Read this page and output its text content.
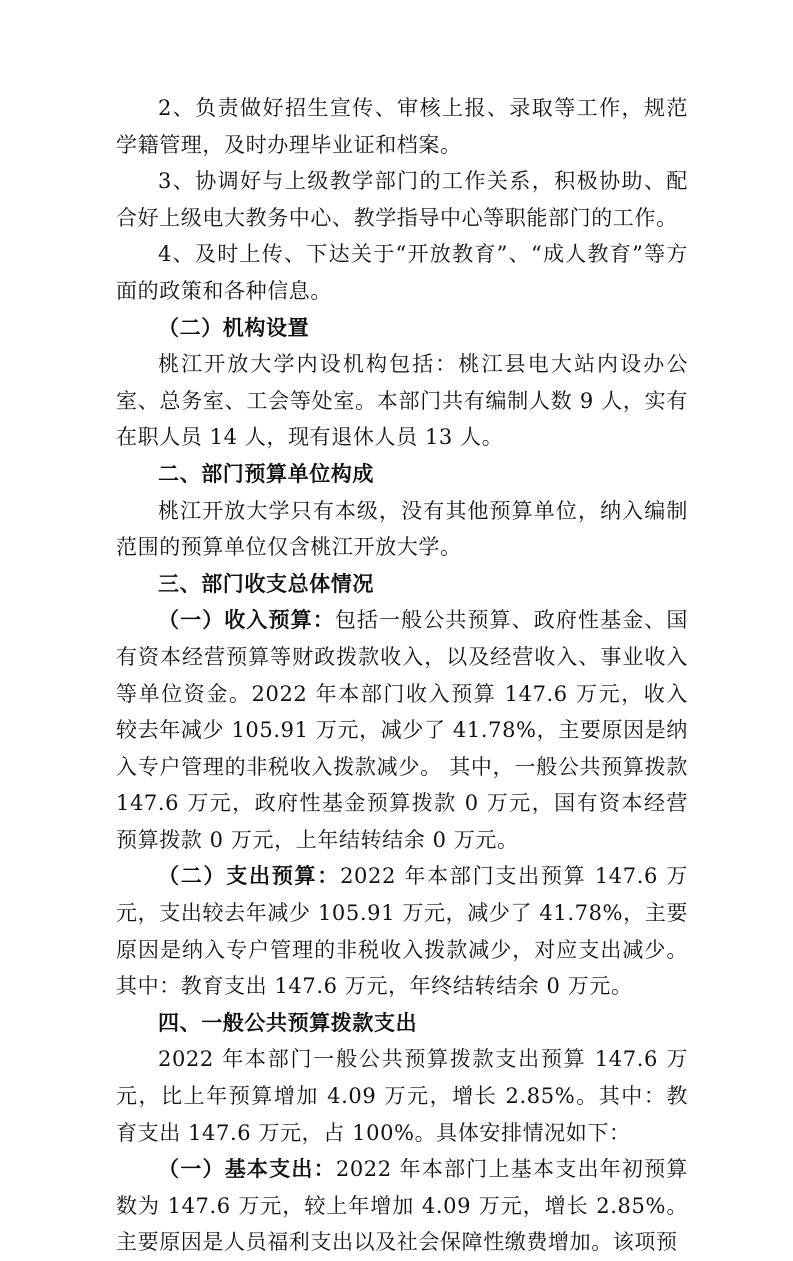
2、负责做好招生宣传、审核上报、录取等工作，规范学籍管理，及时办理毕业证和档案。

3、协调好与上级教学部门的工作关系，积极协助、配合好上级电大教务中心、教学指导中心等职能部门的工作。

4、及时上传、下达关于“开放教育”、“成人教育”等方面的政策和各种信息。

（二）机构设置

桃江开放大学内设机构包括：桃江县电大站内设办公室、总务室、工会等处室。本部门共有编制人数 9 人，实有在职人员 14 人，现有退休人员 13 人。

二、部门预算单位构成

桃江开放大学只有本级，没有其他预算单位，纳入编制范围的预算单位仅含桃江开放大学。

三、部门收支总体情况

（一）收入预算：包括一般公共预算、政府性基金、国有资本经营预算等财政拨款收入，以及经营收入、事业收入等单位资金。2022 年本部门收入预算 147.6 万元，收入较去年减少 105.91 万元，减少了 41.78%，主要原因是纳入专户管理的非税收入拨款减少。 其中，一般公共预算拨款 147.6 万元，政府性基金预算拨款 0 万元，国有资本经营预算拨款 0 万元，上年结转结余 0 万元。

（二）支出预算：2022 年本部门支出预算 147.6 万元，支出较去年减少 105.91 万元，减少了 41.78%，主要原因是纳入专户管理的非税收入拨款减少，对应支出减少。其中：教育支出 147.6 万元，年终结转结余 0 万元。

四、一般公共预算拨款支出

2022 年本部门一般公共预算拨款支出预算 147.6 万元，比上年预算增加 4.09 万元，增长 2.85%。其中：教育支出 147.6 万元，占 100%。具体安排情况如下：

（一）基本支出：2022 年本部门上基本支出年初预算数为 147.6 万元，较上年增加 4.09 万元，增长 2.85%。主要原因是人员福利支出以及社会保障性缴费增加。该项预
